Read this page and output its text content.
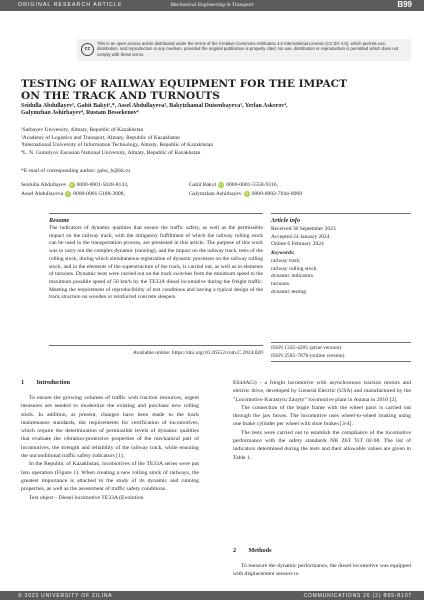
ORIGINAL RESEARCH ARTICLE	Mechanical Engineering in Transport	B99
cc

This is an open access article distributed under the terms of the Creative Commons Attribution 4.0 International License (CC BY 4.0), which permits use, distribution, and reproduction in any medium, provided the original publication is properly cited. No use, distribution or reproduction is permitted which does not comply with these terms.

TESTING OF RAILWAY EQUIPMENT FOR THE IMPACT
ON THE TRACK AND TURNOUTS
Seidulla Abdullayev¹, Gabit Bakyt¹,*, Assel Abdullayeva², Bakytzhamal Duisenbayeva¹, Yerlan Askerov⁴,
Galymzhan Ashirbayev⁴, Rustam Bessekenov⁴
¹Satbayev University, Almaty, Republic of Kazakhstan
²Academy of Logistics and Transport, Almaty, Republic of Kazakhstan
³International University of Information Technology, Almaty, Republic of Kazakhstan
⁴L. N. Gumilyov Eurasian National University, Almaty, Republic of Kazakhstan
*E-mail of corresponding author: gaba_b@bk.ru
Seidulla Abdullayev iD 0000-0001-5028-8143,	Gabit Bakyt iD 0000-0001-5558-9316,
Assel Abdullayeva iD 0000-0001-5188-3008,	Galymzhan Ashirbayev iD 0000-0002-7044-8968
Resume

The indicators of dynamic qualities that ensure the traffic safety, as well as the permissible impact on the railway track, with the obligatory fulfillment of which the railway rolling stock can be used in the transportation process, are presented in this article. The purpose of this work was to carry out the complex dynamic (running), and the impact on the railway track, tests of the rolling stock, during which simultaneous registration of dynamic processes on the railway rolling stock, and in the elements of the superstructure of the track, is carried out, as well as in elements of turnouts. Dynamic tests were carried out on the track switches from the minimum speed to the maximum possible speed of 50 km/h by the TE33A diesel locomotive during the freight traffic. Meeting the requirement of reproducibility of test conditions and having a typical design of the track structure on wooden or reinforced concrete sleepers.

Article info
Received 30 September 2023
Accepted 24 January 2024
Online 6 February 2024
Keywords:
railway track
railway rolling stock
dynamic indicators
turnouts
dynamic testing
Available online: https://doi.org/10.26552/com.C.2024.020
ISSN 1335-4205 (print version)
ISSN 2585-7878 (online version)
1  Introduction

To ensure the growing volumes of traffic with traction resources, urgent measures are needed to modernize the existing and purchase new rolling stock. In addition, at present, changes have been made to the track maintenance standards, the requirements for certification of locomotives, which require the determination of permissible levels of dynamic qualities that evaluate the vibration-protective properties of the mechanical part of locomotives, the strength and reliability of the railway track, while ensuring the unconditional traffic safety indicators [1].

In the Republic of Kazakhstan, locomotives of the TE33A series were put into operation (Figure 1). When creating a new rolling stock of railways, the greatest importance is attached to the study of its dynamic and running properties, as well as the assessment of traffic safety conditions.

Test object - Diesel locomotive TE33A (Evolution

ES44ACi) - a freight locomotive with asynchronous traction motors and electric drive, developed by General Electric (USA) and manufactured by the "Locomotive Kurastyru Zauyty" locomotive plant in Astana in 2010 [2].

The connection of the bogie frame with the wheel pairs is carried out through the jaw boxes. The locomotive uses wheel-to-wheel braking using one brake cylinder per wheel with shoe brakes [3-4].

The tests were carried out to establish the compliance of the locomotive performance with the safety standards NB ZhT TsT 02-98. The list of indicators determined during the tests and their allowable values are given in Table 1.

2  Methods

To measure the dynamic performance, the diesel locomotive was equipped with displacement sensors to

© 2023 UNIVERSITY OF ZILINA	COMMUNICATIONS 26 (2) B99-B107
